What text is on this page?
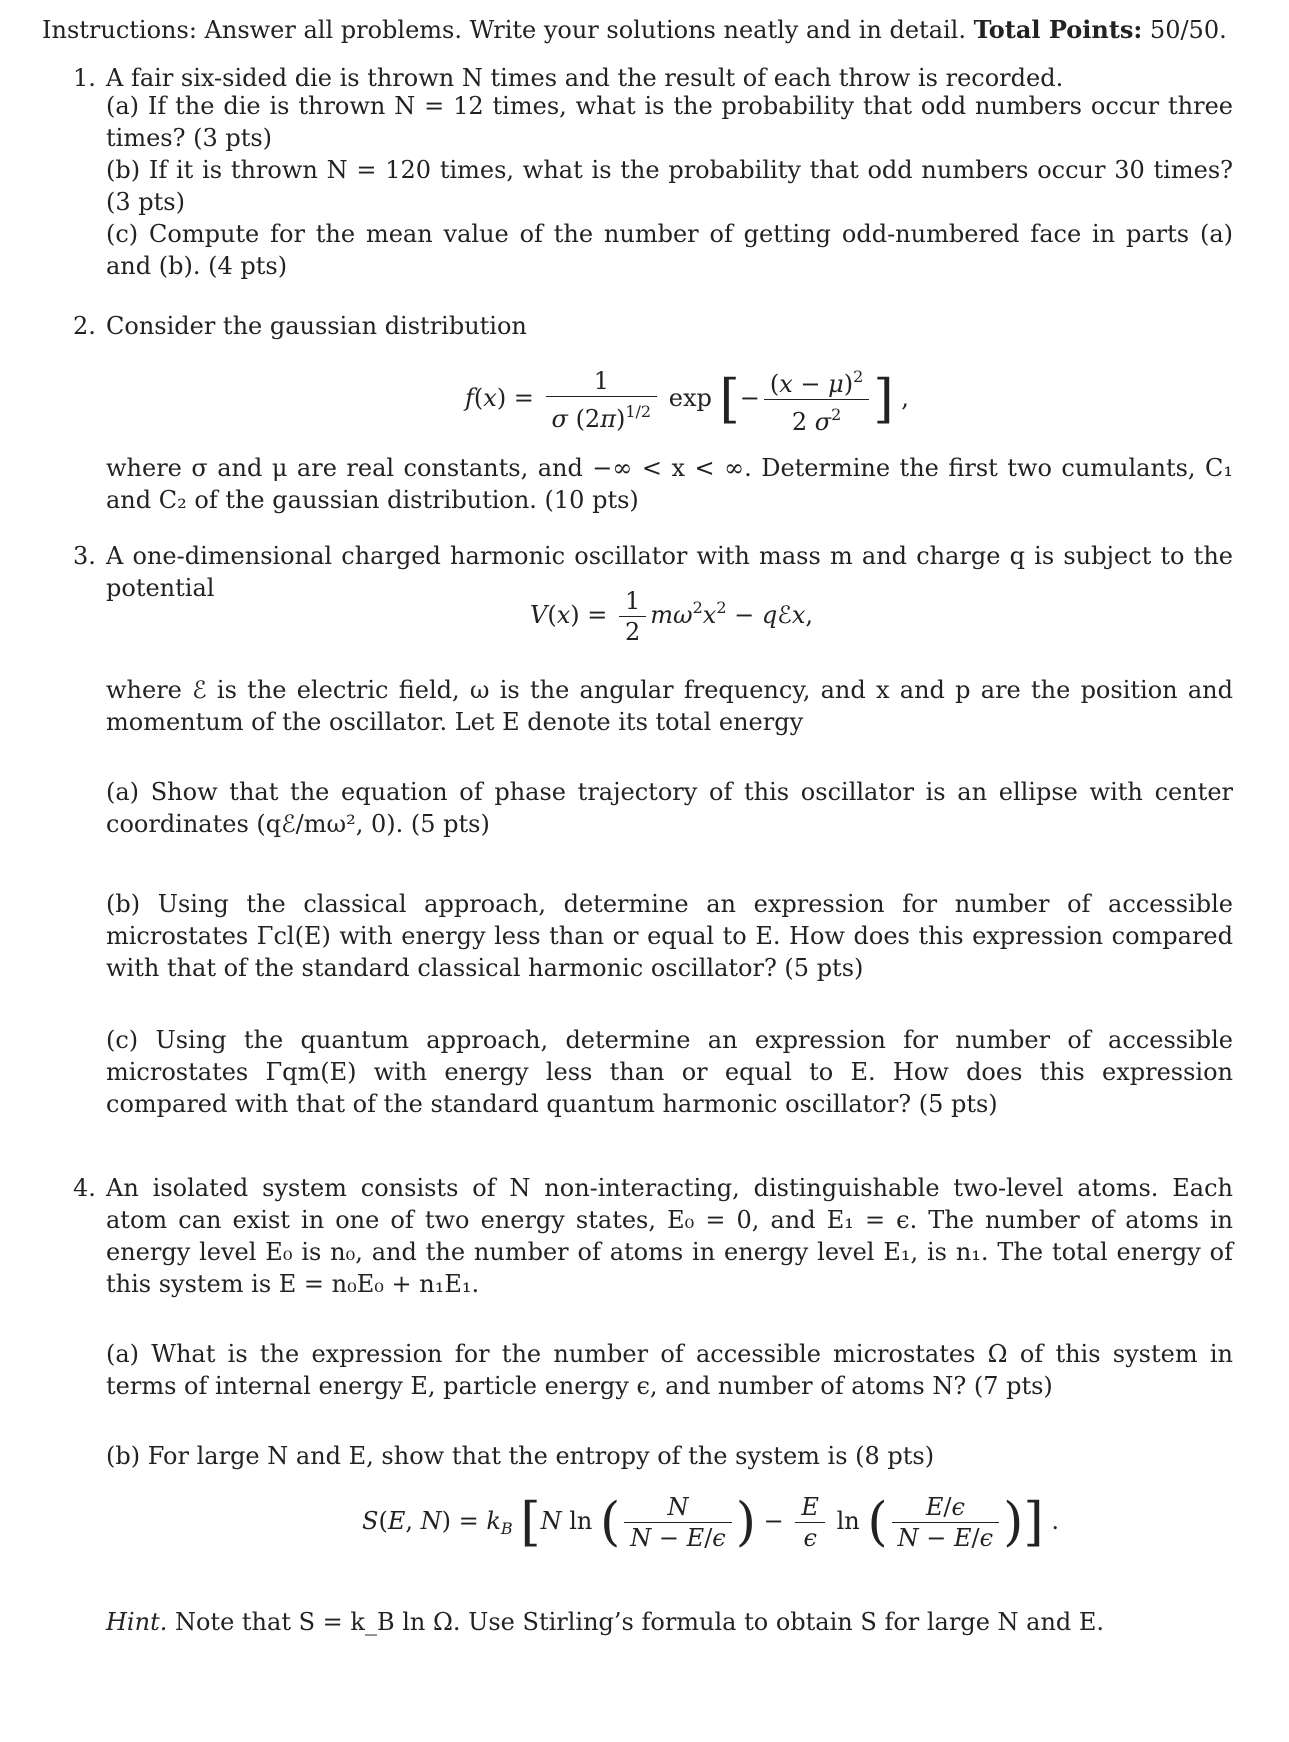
Instructions: Answer all problems. Write your solutions neatly and in detail. Total Points: 50/50.
1. A fair six-sided die is thrown N times and the result of each throw is recorded.
(a) If the die is thrown N = 12 times, what is the probability that odd numbers occur three times? (3 pts)
(b) If it is thrown N = 120 times, what is the probability that odd numbers occur 30 times? (3 pts)
(c) Compute for the mean value of the number of getting odd-numbered face in parts (a) and (b). (4 pts)
2. Consider the gaussian distribution
$f(x) = \frac{1}{\sigma (2\pi)^{1/2}}$ exp [− $\frac{(x - \mu)^2}{2 \sigma^2}$ ] ,
where σ and μ are real constants, and −∞ < x < ∞. Determine the first two cumulants, C₁ and C₂ of the gaussian distribution. (10 pts)
3. A one-dimensional charged harmonic oscillator with mass m and charge q is subject to the potential
$V(x) = \frac{1}{2} m\omega^2x^2$ − qℰx,
where ℰ is the electric field, ω is the angular frequency, and x and p are the position and momentum of the oscillator. Let E denote its total energy
(a) Show that the equation of phase trajectory of this oscillator is an ellipse with center coordinates (qℰ/mω², 0). (5 pts)
(b) Using the classical approach, determine an expression for number of accessible microstates Γcl(E) with energy less than or equal to E. How does this expression compared with that of the standard classical harmonic oscillator? (5 pts)
(c) Using the quantum approach, determine an expression for number of accessible microstates Γqm(E) with energy less than or equal to E. How does this expression compared with that of the standard quantum harmonic oscillator? (5 pts)
4. An isolated system consists of N non-interacting, distinguishable two-level atoms. Each atom can exist in one of two energy states, E₀ = 0, and E₁ = ϵ. The number of atoms in energy level E₀ is n₀, and the number of atoms in energy level E₁, is n₁. The total energy of this system is E = n₀E₀ + n₁E₁.
(a) What is the expression for the number of accessible microstates Ω of this system in terms of internal energy E, particle energy ϵ, and number of atoms N? (7 pts)
(b) For large N and E, show that the entropy of the system is (8 pts)
S(E, $N) = k_B$ [N ln ( $\frac{N}{N - E/\epsilon}$ ) − $\frac{E}{\epsilon}$ ln ( $\frac{E/\epsilon}{N - E/\epsilon}$ )] .
Hint. Note that S = k_B ln Ω. Use Stirling’s formula to obtain S for large N and E.
